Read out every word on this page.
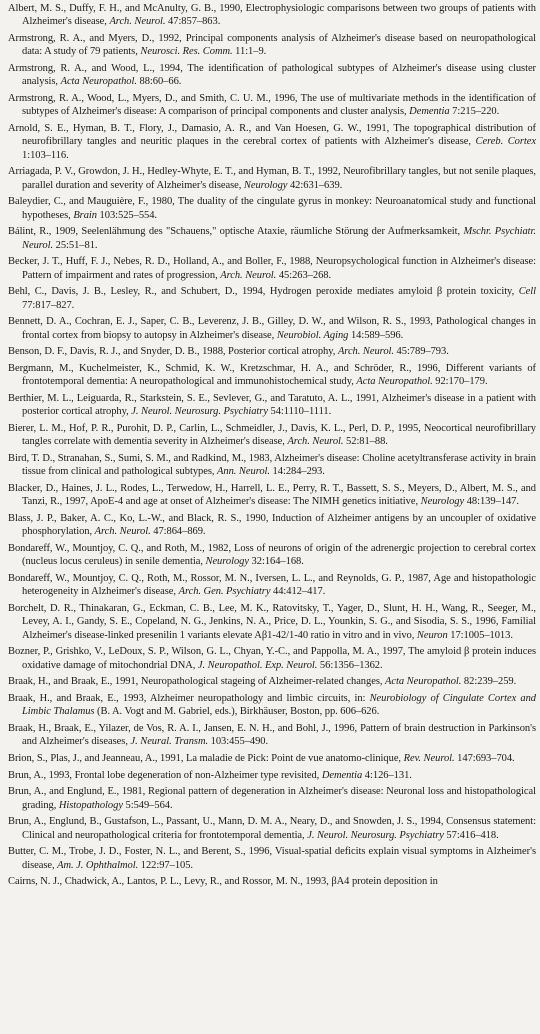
Albert, M. S., Duffy, F. H., and McAnulty, G. B., 1990, Electrophysiologic comparisons between two groups of patients with Alzheimer's disease, Arch. Neurol. 47:857–863.

Armstrong, R. A., and Myers, D., 1992, Principal components analysis of Alzheimer's disease based on neuropathological data: A study of 79 patients, Neurosci. Res. Comm. 11:1–9.

Armstrong, R. A., and Wood, L., 1994, The identification of pathological subtypes of Alzheimer's disease using cluster analysis, Acta Neuropathol. 88:60–66.

Armstrong, R. A., Wood, L., Myers, D., and Smith, C. U. M., 1996, The use of multivariate methods in the identification of subtypes of Alzheimer's disease: A comparison of principal components and cluster analysis, Dementia 7:215–220.

Arnold, S. E., Hyman, B. T., Flory, J., Damasio, A. R., and Van Hoesen, G. W., 1991, The topographical distribution of neurofibrillary tangles and neuritic plaques in the cerebral cortex of patients with Alzheimer's disease, Cereb. Cortex 1:103–116.

Arriagada, P. V., Growdon, J. H., Hedley-Whyte, E. T., and Hyman, B. T., 1992, Neurofibrillary tangles, but not senile plaques, parallel duration and severity of Alzheimer's disease, Neurology 42:631–639.

Baleydier, C., and Mauguière, F., 1980, The duality of the cingulate gyrus in monkey: Neuroanatomical study and functional hypotheses, Brain 103:525–554.

Bálint, R., 1909, Seelenlähmung des "Schauens," optische Ataxie, räumliche Störung der Aufmerksamkeit, Mschr. Psychiatr. Neurol. 25:51–81.

Becker, J. T., Huff, F. J., Nebes, R. D., Holland, A., and Boller, F., 1988, Neuropsychological function in Alzheimer's disease: Pattern of impairment and rates of progression, Arch. Neurol. 45:263–268.

Behl, C., Davis, J. B., Lesley, R., and Schubert, D., 1994, Hydrogen peroxide mediates amyloid β protein toxicity, Cell 77:817–827.

Bennett, D. A., Cochran, E. J., Saper, C. B., Leverenz, J. B., Gilley, D. W., and Wilson, R. S., 1993, Pathological changes in frontal cortex from biopsy to autopsy in Alzheimer's disease, Neurobiol. Aging 14:589–596.

Benson, D. F., Davis, R. J., and Snyder, D. B., 1988, Posterior cortical atrophy, Arch. Neurol. 45:789–793.

Bergmann, M., Kuchelmeister, K., Schmid, K. W., Kretzschmar, H. A., and Schröder, R., 1996, Different variants of frontotemporal dementia: A neuropathological and immunohistochemical study, Acta Neuropathol. 92:170–179.

Berthier, M. L., Leiguarda, R., Starkstein, S. E., Sevlever, G., and Taratuto, A. L., 1991, Alzheimer's disease in a patient with posterior cortical atrophy, J. Neurol. Neurosurg. Psychiatry 54:1110–1111.

Bierer, L. M., Hof, P. R., Purohit, D. P., Carlin, L., Schmeidler, J., Davis, K. L., Perl, D. P., 1995, Neocortical neurofibrillary tangles correlate with dementia severity in Alzheimer's disease, Arch. Neurol. 52:81–88.

Bird, T. D., Stranahan, S., Sumi, S. M., and Radkind, M., 1983, Alzheimer's disease: Choline acetyltransferase activity in brain tissue from clinical and pathological subtypes, Ann. Neurol. 14:284–293.

Blacker, D., Haines, J. L., Rodes, L., Terwedow, H., Harrell, L. E., Perry, R. T., Bassett, S. S., Meyers, D., Albert, M. S., and Tanzi, R., 1997, ApoE-4 and age at onset of Alzheimer's disease: The NIMH genetics initiative, Neurology 48:139–147.

Blass, J. P., Baker, A. C., Ko, L.-W., and Black, R. S., 1990, Induction of Alzheimer antigens by an uncoupler of oxidative phosphorylation, Arch. Neurol. 47:864–869.

Bondareff, W., Mountjoy, C. Q., and Roth, M., 1982, Loss of neurons of origin of the adrenergic projection to cerebral cortex (nucleus locus ceruleus) in senile dementia, Neurology 32:164–168.

Bondareff, W., Mountjoy, C. Q., Roth, M., Rossor, M. N., Iversen, L. L., and Reynolds, G. P., 1987, Age and histopathologic heterogeneity in Alzheimer's disease, Arch. Gen. Psychiatry 44:412–417.

Borchelt, D. R., Thinakaran, G., Eckman, C. B., Lee, M. K., Ratovitsky, T., Yager, D., Slunt, H. H., Wang, R., Seeger, M., Levey, A. I., Gandy, S. E., Copeland, N. G., Jenkins, N. A., Price, D. L., Younkin, S. G., and Sisodia, S. S., 1996, Familial Alzheimer's disease-linked presenilin 1 variants elevate Aβ1-42/1-40 ratio in vitro and in vivo, Neuron 17:1005–1013.

Bozner, P., Grishko, V., LeDoux, S. P., Wilson, G. L., Chyan, Y.-C., and Pappolla, M. A., 1997, The amyloid β protein induces oxidative damage of mitochondrial DNA, J. Neuropathol. Exp. Neurol. 56:1356–1362.

Braak, H., and Braak, E., 1991, Neuropathological stageing of Alzheimer-related changes, Acta Neuropathol. 82:239–259.

Braak, H., and Braak, E., 1993, Alzheimer neuropathology and limbic circuits, in: Neurobiology of Cingulate Cortex and Limbic Thalamus (B. A. Vogt and M. Gabriel, eds.), Birkhäuser, Boston, pp. 606–626.

Braak, H., Braak, E., Yilazer, de Vos, R. A. I., Jansen, E. N. H., and Bohl, J., 1996, Pattern of brain destruction in Parkinson's and Alzheimer's diseases, J. Neural. Transm. 103:455–490.

Brion, S., Plas, J., and Jeanneau, A., 1991, La maladie de Pick: Point de vue anatomo-clinique, Rev. Neurol. 147:693–704.

Brun, A., 1993, Frontal lobe degeneration of non-Alzheimer type revisited, Dementia 4:126–131.

Brun, A., and Englund, E., 1981, Regional pattern of degeneration in Alzheimer's disease: Neuronal loss and histopathological grading, Histopathology 5:549–564.

Brun, A., Englund, B., Gustafson, L., Passant, U., Mann, D. M. A., Neary, D., and Snowden, J. S., 1994, Consensus statement: Clinical and neuropathological criteria for frontotemporal dementia, J. Neurol. Neurosurg. Psychiatry 57:416–418.

Butter, C. M., Trobe, J. D., Foster, N. L., and Berent, S., 1996, Visual-spatial deficits explain visual symptoms in Alzheimer's disease, Am. J. Ophthalmol. 122:97–105.

Cairns, N. J., Chadwick, A., Lantos, P. L., Levy, R., and Rossor, M. N., 1993, βA4 protein deposition in
